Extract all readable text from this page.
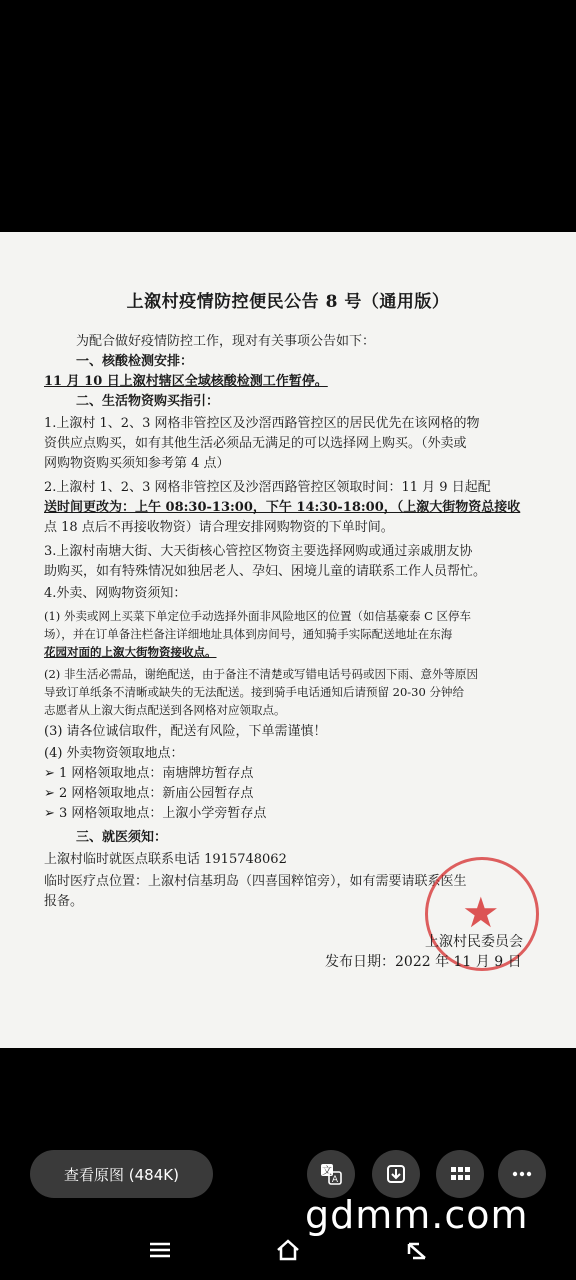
上溆村疫情防控便民公告 8 号（通用版）
为配合做好疫情防控工作，现对有关事项公告如下：
一、核酸检测安排：
11 月 10 日上溆村辖区全域核酸检测工作暂停。
二、生活物资购买指引：
1.上溆村 1、2、3 网格非管控区及沙滘西路管控区的居民优先在该网格的物
资供应点购买，如有其他生活必须品无满足的可以选择网上购买。（外卖或
网购物资购买须知参考第 4 点）
2.上溆村 1、2、3 网格非管控区及沙滘西路管控区领取时间：11 月 9 日起配
送时间更改为：上午 08:30-13:00，下午 14:30-18:00，（上溆大街物资总接收
点 18 点后不再接收物资）请合理安排网购物资的下单时间。
3.上溆村南塘大街、大天街核心管控区物资主要选择网购或通过亲戚朋友协
助购买，如有特殊情况如独居老人、孕妇、困境儿童的请联系工作人员帮忙。
4.外卖、网购物资须知：
(1) 外卖或网上买菜下单定位手动选择外面非风险地区的位置（如信基豪泰 C 区停车
场），并在订单备注栏备注详细地址具体到房间号，通知骑手实际配送地址在东海
花园对面的上溆大街物资接收点。
(2) 非生活必需品，谢绝配送，由于备注不清楚或写错电话号码或因下雨、意外等原因
导致订单纸条不清晰或缺失的无法配送。接到骑手电话通知后请预留 20-30 分钟给
志愿者从上溆大街点配送到各网格对应领取点。
(3) 请各位诚信取件，配送有风险，下单需谨慎！
(4) 外卖物资领取地点：
➢ 1 网格领取地点：南塘牌坊暂存点
➢ 2 网格领取地点：新庙公园暂存点
➢ 3 网格领取地点：上溆小学旁暂存点
三、就医须知：
上溆村临时就医点联系电话 1915748062
临时医疗点位置：上溆村信基玥岛（四喜国粹馆旁），如有需要请联系医生
报备。	★
上溆村民委员会
发布日期：2022 年 11 月 9 日
查看原图 (484K)	文
A
gdmm.com
